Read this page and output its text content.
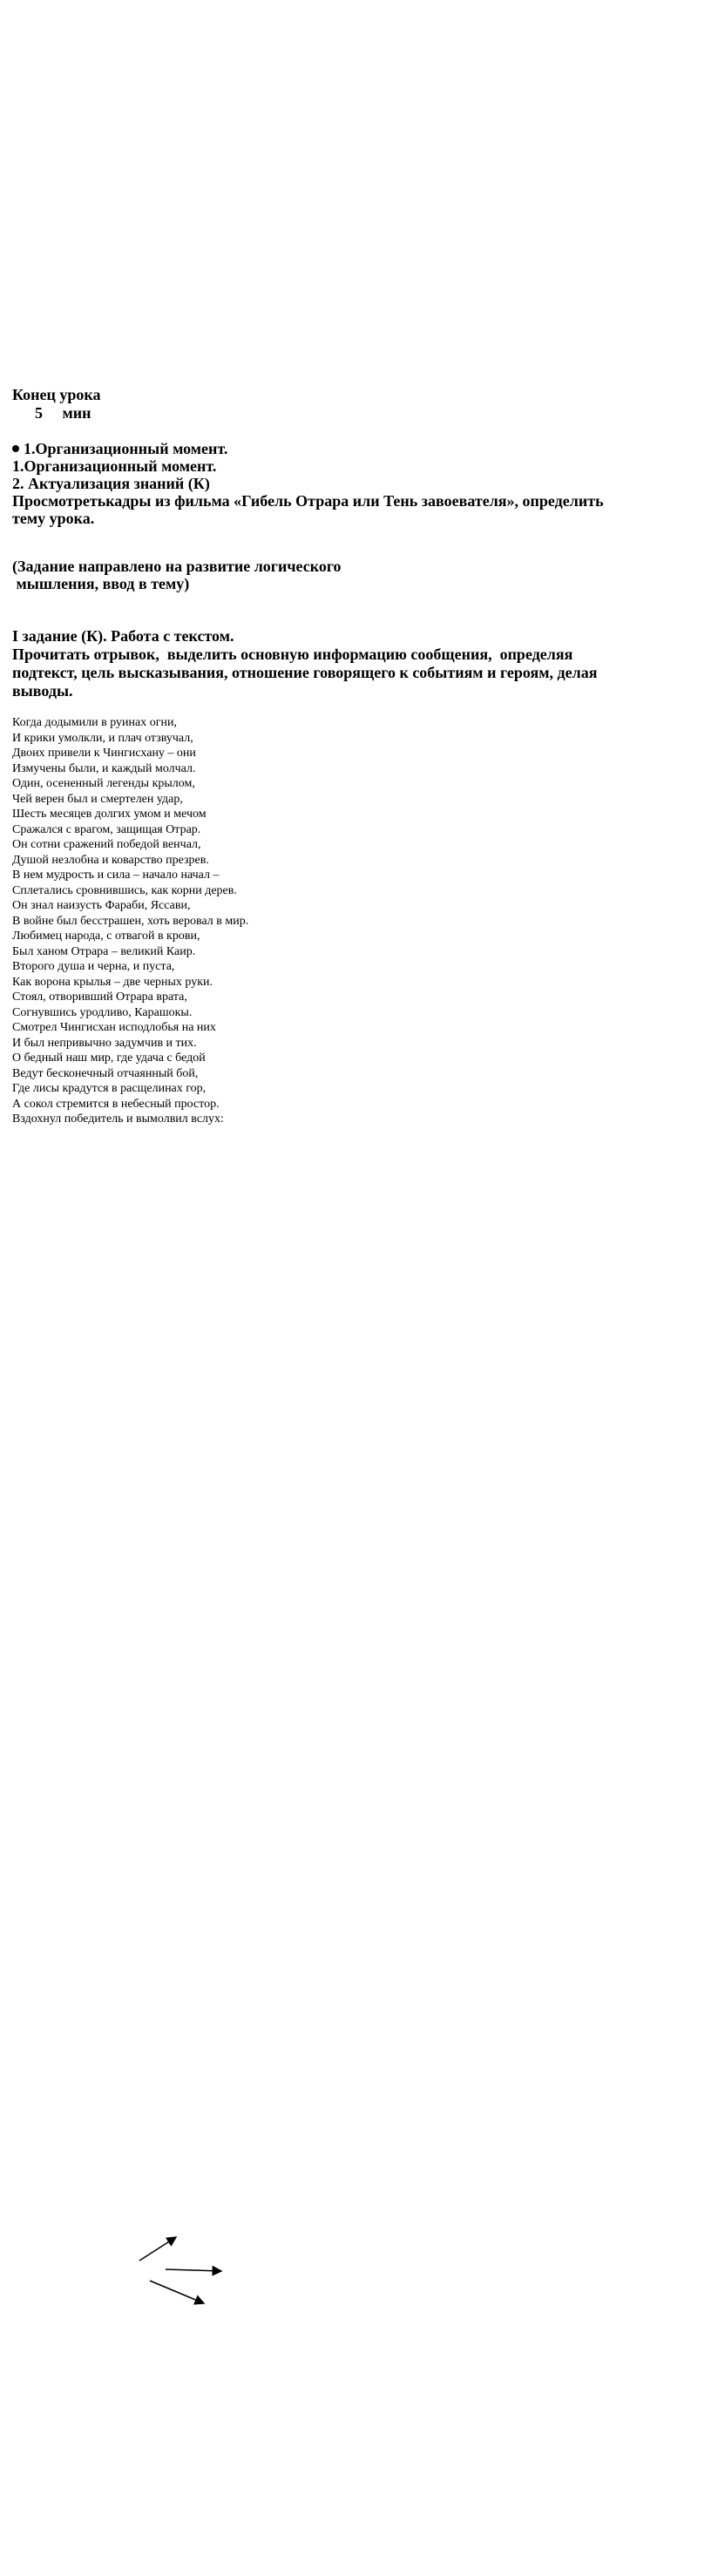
Конец урока
5     мин
1.Организационный момент.
1.Организационный момент.
2. Актуализация знаний (К)
Просмотретькадры из фильма «Гибель Отрара или Тень завоевателя», определить
тему урока.
(Задание направлено на развитие логического
мышления, ввод в тему)
I задание (К). Работа с текстом.
Прочитать отрывок,  выделить основную информацию сообщения,  определяя
подтекст, цель высказывания, отношение говорящего к событиям и героям, делая
выводы.
Когда додымили в руинах огни,
И крики умолкли, и плач отзвучал,
Двоих привели к Чингисхану – они
Измучены были, и каждый молчал.
Один, осененный легенды крылом,
Чей верен был и смертелен удар,
Шесть месяцев долгих умом и мечом
Сражался с врагом, защищая Отрар.
Он сотни сражений победой венчал,
Душой незлобна и коварство презрев.
В нем мудрость и сила – начало начал –
Сплетались сровнившись, как корни дерев.
Он знал наизусть Фараби, Яссави,
В войне был бесстрашен, хоть веровал в мир.
Любимец народа, с отвагой в крови,
Был ханом Отрара – великий Каир.
Второго душа и черна, и пуста,
Как ворона крылья – две черных руки.
Стоял, отворивший Отрара врата,
Согнувшись уродливо, Карашокы.
Смотрел Чингисхан исподлобья на них
И был непривычно задумчив и тих.
О бедный наш мир, где удача с бедой
Ведут бесконечный отчаянный бой,
Где лисы крадутся в расщелинах гор,
А сокол стремится в небесный простор.
Вздохнул победитель и вымолвил вслух:
